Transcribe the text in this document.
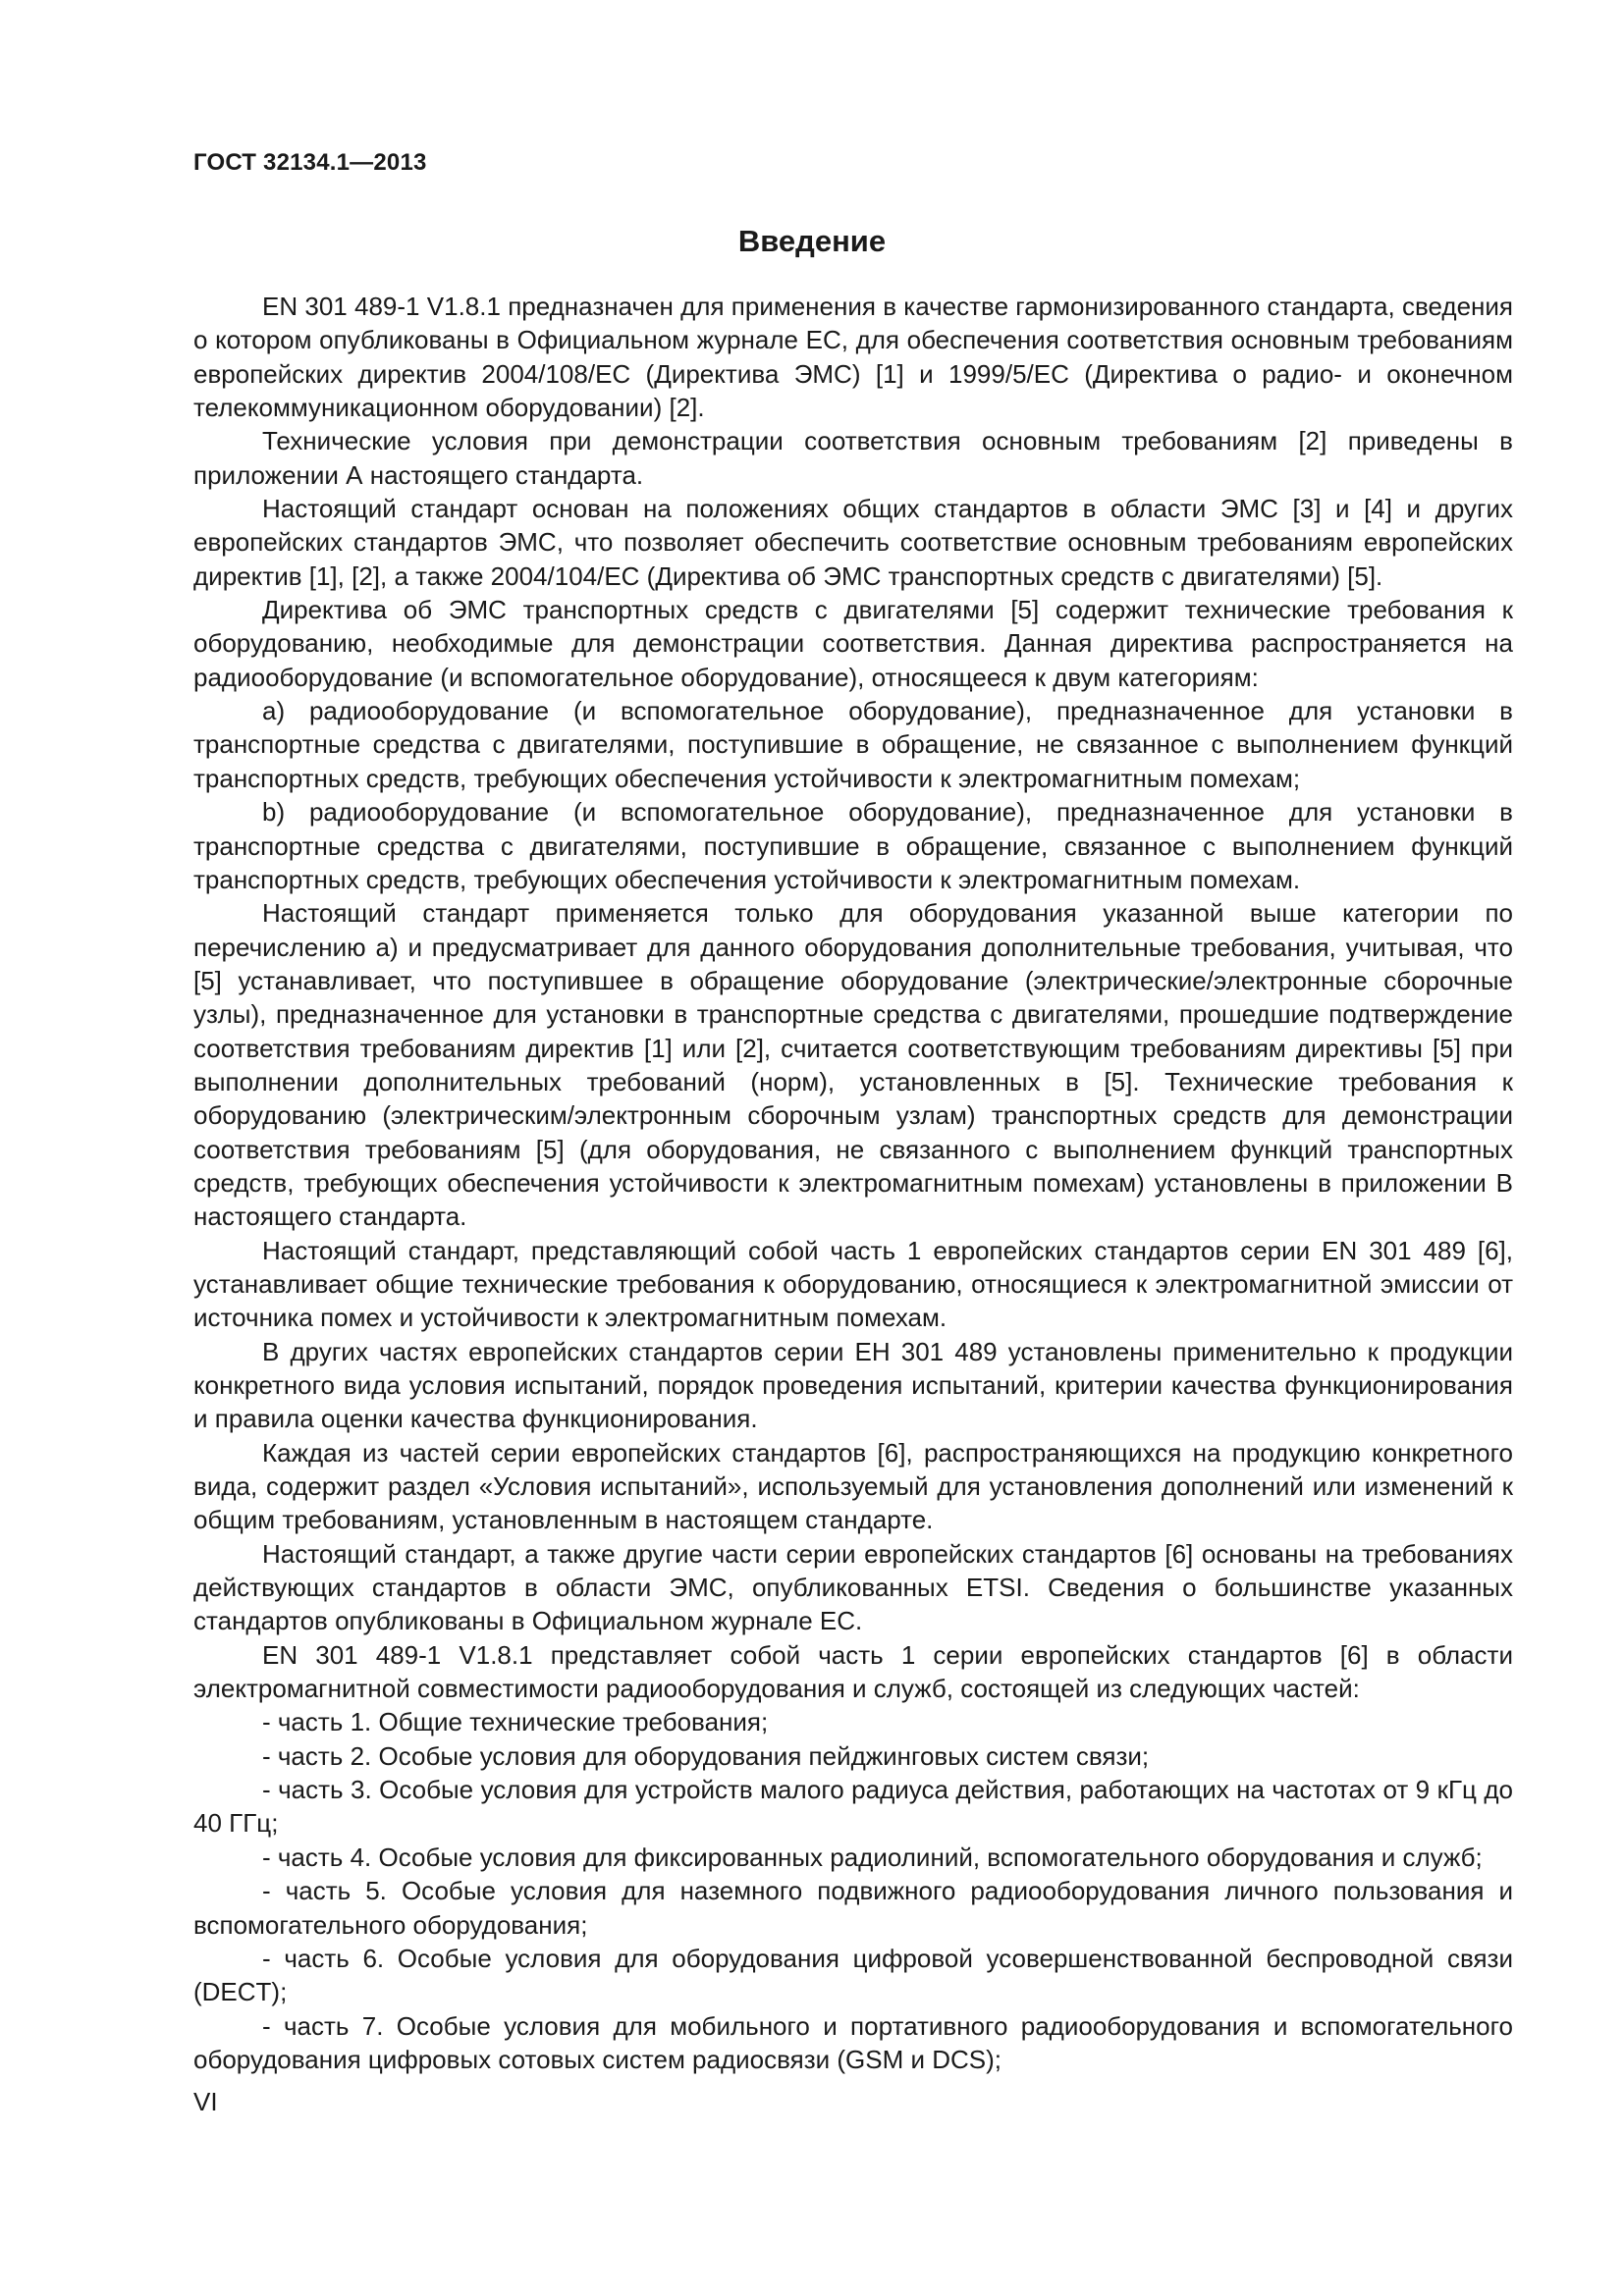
ГОСТ 32134.1—2013
Введение

EN 301 489-1 V1.8.1 предназначен для применения в качестве гармонизированного стандарта, сведения о котором опубликованы в Официальном журнале ЕС, для обеспечения соответствия основным требованиям европейских директив 2004/108/ЕС (Директива ЭМС) [1] и 1999/5/ЕС (Директива о радио- и оконечном телекоммуникационном оборудовании) [2].

Технические условия при демонстрации соответствия основным требованиям [2] приведены в приложении А настоящего стандарта.

Настоящий стандарт основан на положениях общих стандартов в области ЭМС [3] и [4] и других европейских стандартов ЭМС, что позволяет обеспечить соответствие основным требованиям европейских директив [1], [2], а также 2004/104/ЕС (Директива об ЭМС транспортных средств с двигателями) [5].

Директива об ЭМС транспортных средств с двигателями [5] содержит технические требования к оборудованию, необходимые для демонстрации соответствия. Данная директива распространяется на радиооборудование (и вспомогательное оборудование), относящееся к двум категориям:

а) радиооборудование (и вспомогательное оборудование), предназначенное для установки в транспортные средства с двигателями, поступившие в обращение, не связанное с выполнением функций транспортных средств, требующих обеспечения устойчивости к электромагнитным помехам;

b) радиооборудование (и вспомогательное оборудование), предназначенное для установки в транспортные средства с двигателями, поступившие в обращение, связанное с выполнением функций транспортных средств, требующих обеспечения устойчивости к электромагнитным помехам.

Настоящий стандарт применяется только для оборудования указанной выше категории по перечислению а) и предусматривает для данного оборудования дополнительные требования, учитывая, что [5] устанавливает, что поступившее в обращение оборудование (электрические/электронные сборочные узлы), предназначенное для установки в транспортные средства с двигателями, прошедшие подтверждение соответствия требованиям директив [1] или [2], считается соответствующим требованиям директивы [5] при выполнении дополнительных требований (норм), установленных в [5]. Технические требования к оборудованию (электрическим/электронным сборочным узлам) транспортных средств для демонстрации соответствия требованиям [5] (для оборудования, не связанного с выполнением функций транспортных средств, требующих обеспечения устойчивости к электромагнитным помехам) установлены в приложении В настоящего стандарта.

Настоящий стандарт, представляющий собой часть 1 европейских стандартов серии EN 301 489 [6], устанавливает общие технические требования к оборудованию, относящиеся к электромагнитной эмиссии от источника помех и устойчивости к электромагнитным помехам.

В других частях европейских стандартов серии ЕН 301 489 установлены применительно к продукции конкретного вида условия испытаний, порядок проведения испытаний, критерии качества функционирования и правила оценки качества функционирования.

Каждая из частей серии европейских стандартов [6], распространяющихся на продукцию конкретного вида, содержит раздел «Условия испытаний», используемый для установления дополнений или изменений к общим требованиям, установленным в настоящем стандарте.

Настоящий стандарт, а также другие части серии европейских стандартов [6] основаны на требованиях действующих стандартов в области ЭМС, опубликованных ETSI. Сведения о большинстве указанных стандартов опубликованы в Официальном журнале ЕС.

EN 301 489-1 V1.8.1 представляет собой часть 1 серии европейских стандартов [6] в области электромагнитной совместимости радиооборудования и служб, состоящей из следующих частей:

- часть 1. Общие технические требования;

- часть 2. Особые условия для оборудования пейджинговых систем связи;

- часть 3. Особые условия для устройств малого радиуса действия, работающих на частотах от 9 кГц до 40 ГГц;

- часть 4. Особые условия для фиксированных радиолиний, вспомогательного оборудования и служб;

- часть 5. Особые условия для наземного подвижного радиооборудования личного пользования и вспомогательного оборудования;

- часть 6. Особые условия для оборудования цифровой усовершенствованной беспроводной связи (DECT);

- часть 7. Особые условия для мобильного и портативного радиооборудования и вспомогательного оборудования цифровых сотовых систем радиосвязи (GSM и DCS);

VI
